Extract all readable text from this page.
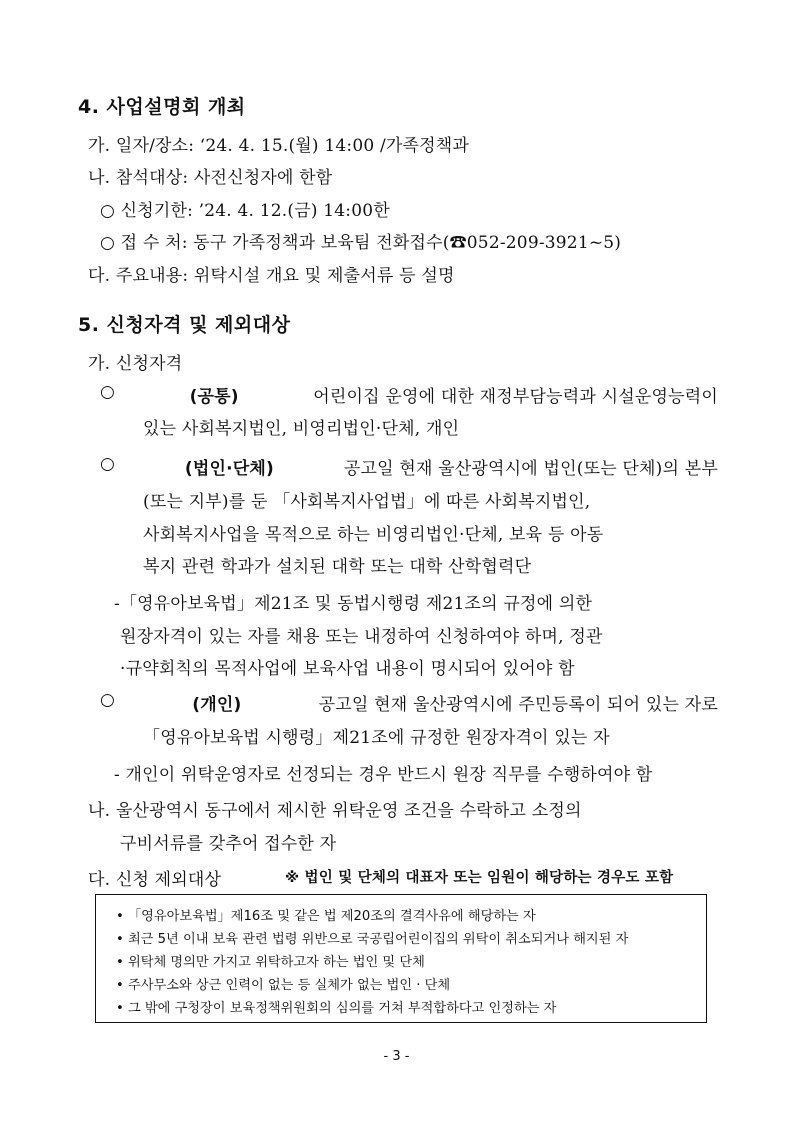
4. 사업설명회 개최
가. 일자/장소: ‘24. 4. 15.(월) 14:00 /가족정책과
나. 참석대상: 사전신청자에 한함
○ 신청기한: ’24. 4. 12.(금) 14:00한
○ 접 수 처: 동구 가족정책과 보육팀 전화접수(☎052-209-3921~5)
다. 주요내용: 위탁시설 개요 및 제출서류 등 설명
5. 신청자격 및 제외대상
가. 신청자격
○	(공통)	어린이집 운영에 대한 재정부담능력과 시설운영능력이
있는 사회복지법인, 비영리법인·단체, 개인
○	(법인·단체)	공고일 현재 울산광역시에 법인(또는 단체)의 본부
(또는 지부)를 둔 「사회복지사업법」에 따른 사회복지법인,
사회복지사업을 목적으로 하는 비영리법인·단체, 보육 등 아동
복지 관련 학과가 설치된 대학 또는 대학 산학협력단
-「영유아보육법」제21조 및 동법시행령 제21조의 규정에 의한
원장자격이 있는 자를 채용 또는 내정하여 신청하여야 하며, 정관
·규약회칙의 목적사업에 보육사업 내용이 명시되어 있어야 함
○	(개인)	공고일 현재 울산광역시에 주민등록이 되어 있는 자로
「영유아보육법 시행령」제21조에 규정한 원장자격이 있는 자
- 개인이 위탁운영자로 선정되는 경우 반드시 원장 직무를 수행하여야 함
나. 울산광역시 동구에서 제시한 위탁운영 조건을 수락하고 소정의
구비서류를 갖추어 접수한 자
다. 신청 제외대상	※ 법인 및 단체의 대표자 또는 임원이 해당하는 경우도 포함
• 「영유아보육법」제16조 및 같은 법 제20조의 결격사유에 해당하는 자
• 최근 5년 이내 보육 관련 법령 위반으로 국공립어린이집의 위탁이 취소되거나 해지된 자
• 위탁체 명의만 가지고 위탁하고자 하는 법인 및 단체
• 주사무소와 상근 인력이 없는 등 실체가 없는 법인 · 단체
• 그 밖에 구청장이 보육정책위원회의 심의를 거쳐 부적합하다고 인정하는 자
- 3 -
